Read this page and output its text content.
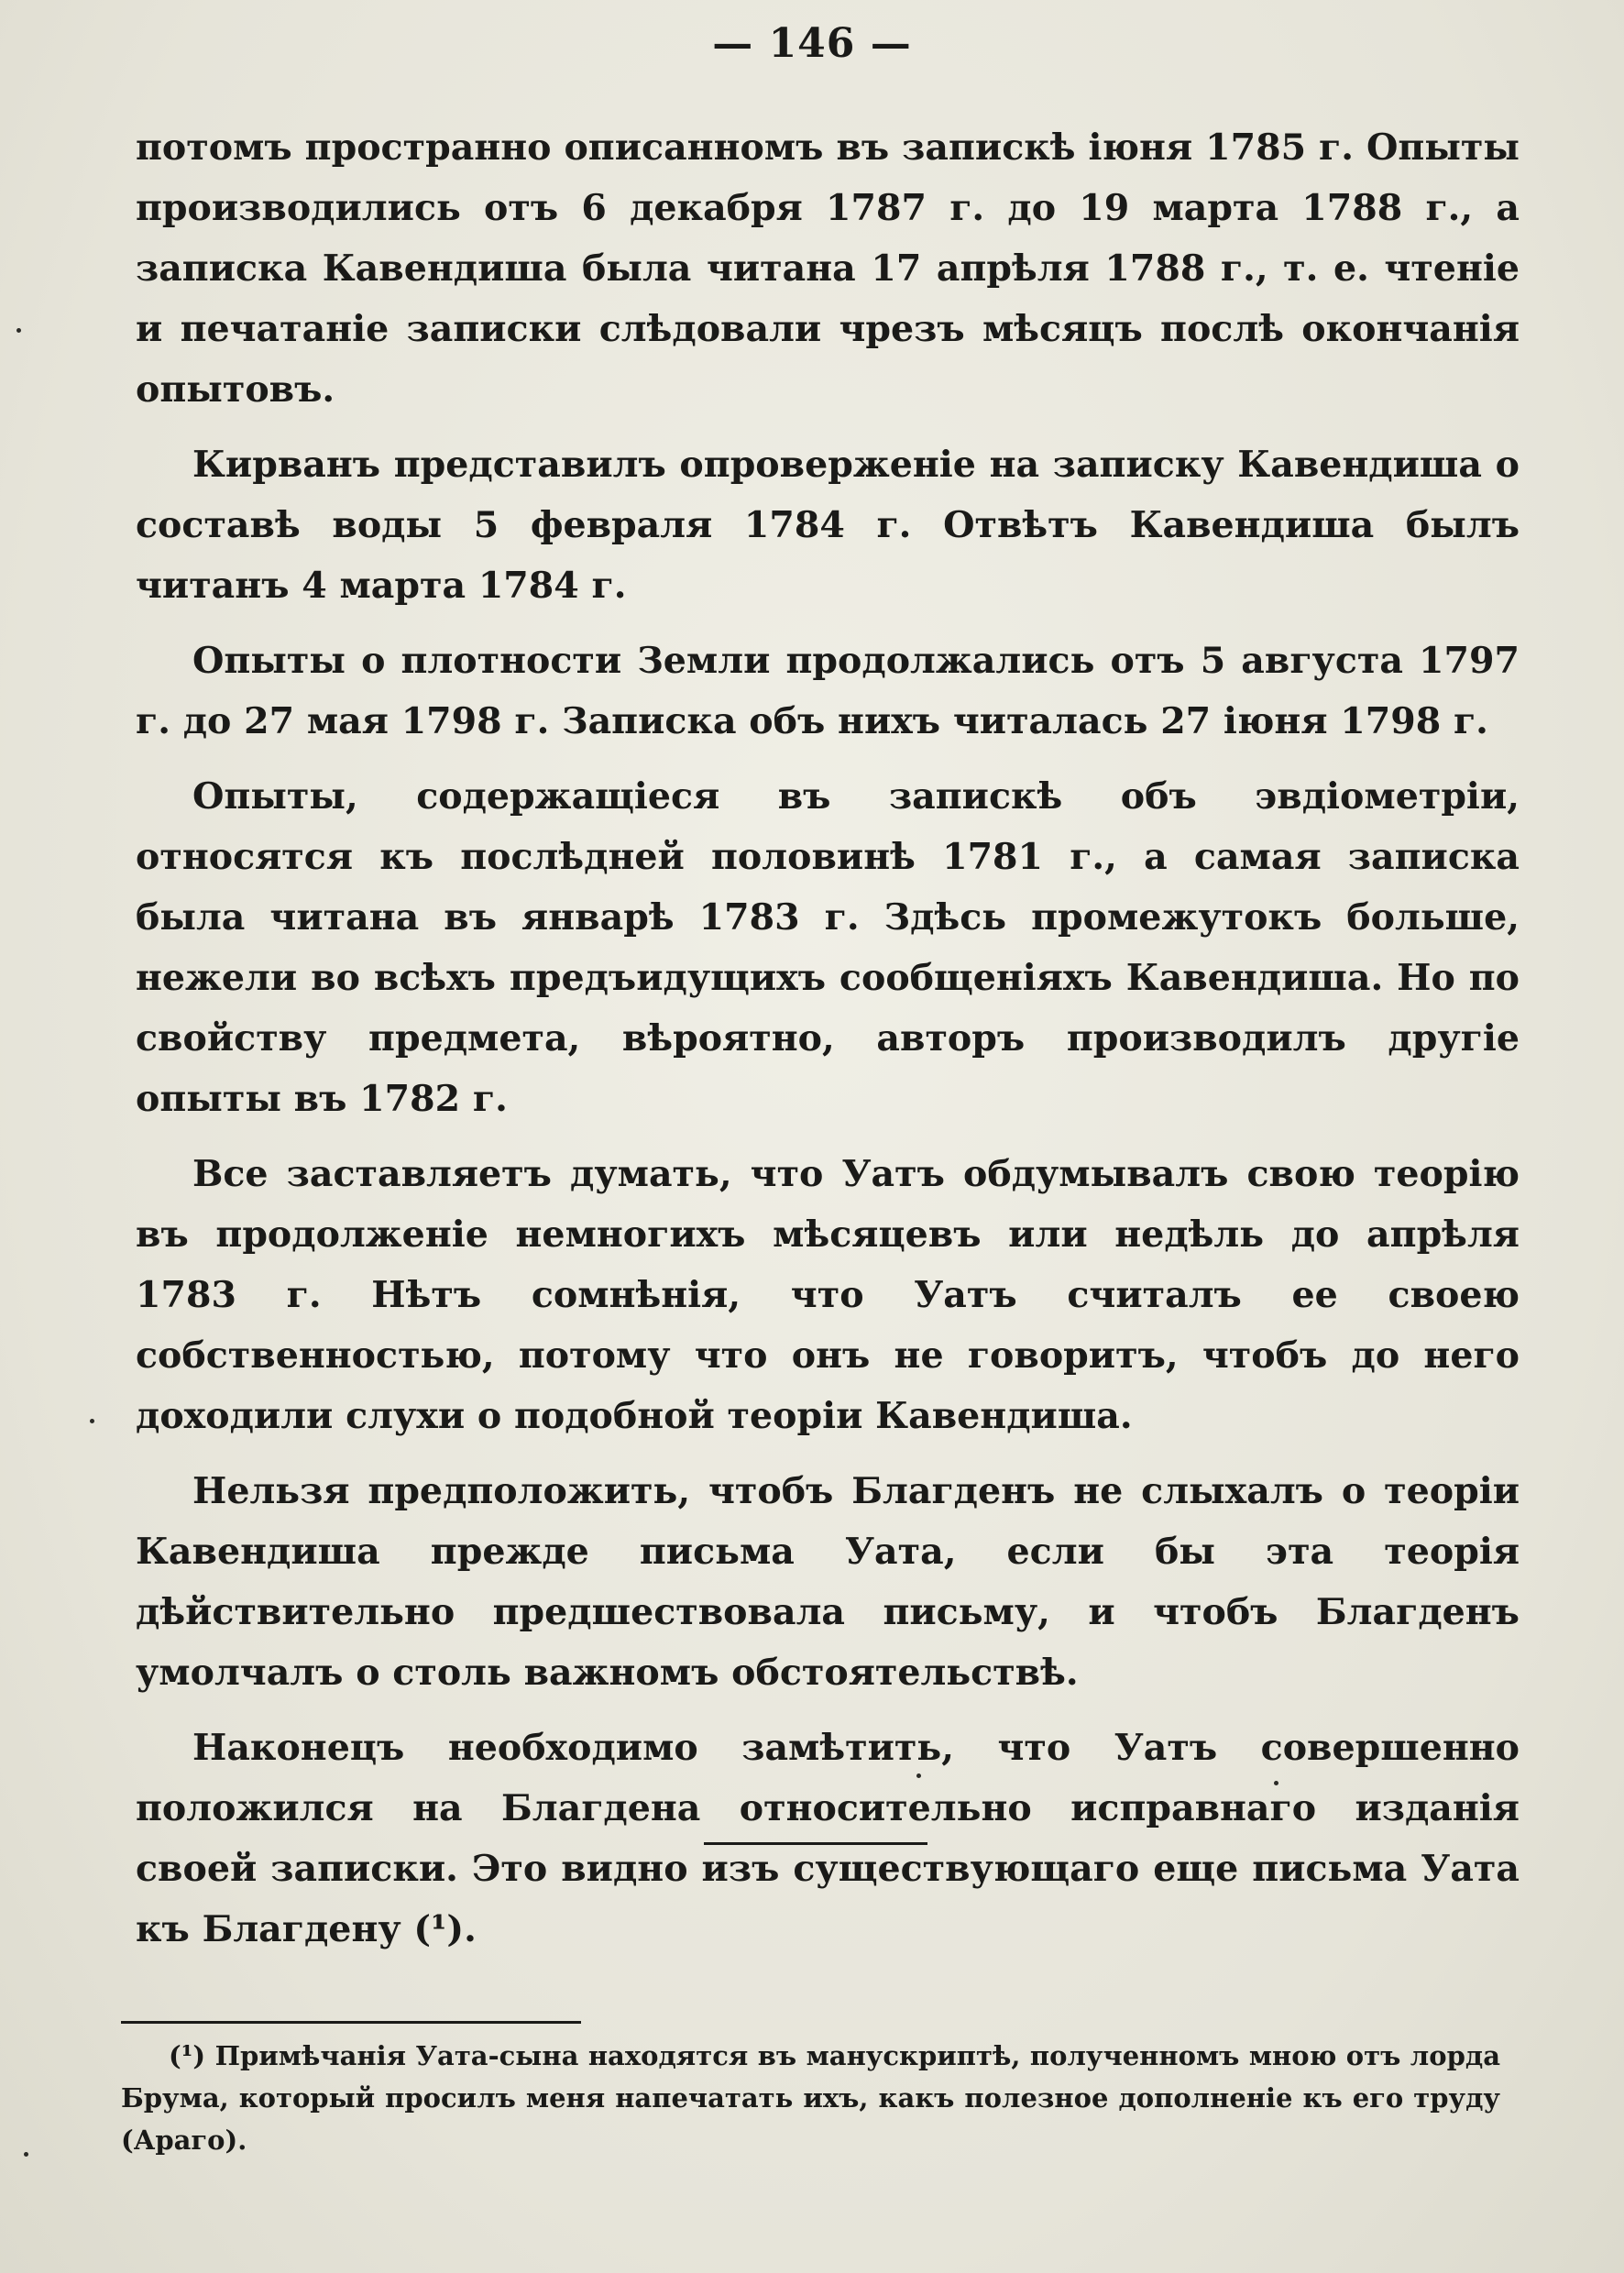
— 146 —

потомъ пространно описанномъ въ запискѣ іюня 1785 г. Опыты производились отъ 6 декабря 1787 г. до 19 марта 1788 г., а записка Кавендиша была читана 17 апрѣля 1788 г., т. е. чтеніе и печатаніе записки слѣдовали чрезъ мѣсяцъ послѣ окончанія опытовъ.

Кирванъ представилъ опроверженіе на записку Кавендиша о составѣ воды 5 февраля 1784 г. Отвѣтъ Кавендиша былъ читанъ 4 марта 1784 г.

Опыты о плотности Земли продолжались отъ 5 августа 1797 г. до 27 мая 1798 г. Записка объ нихъ читалась 27 іюня 1798 г.

Опыты, содержащіеся въ запискѣ объ эвдіометріи, относятся къ послѣдней половинѣ 1781 г., а самая записка была читана въ январѣ 1783 г. Здѣсь промежутокъ больше, нежели во всѣхъ предъидущихъ сообщеніяхъ Кавендиша. Но по свойству предмета, вѣроятно, авторъ производилъ другіе опыты въ 1782 г.

Все заставляетъ думать, что Уатъ обдумывалъ свою теорію въ продолженіе немногихъ мѣсяцевъ или недѣль до апрѣля 1783 г. Нѣтъ сомнѣнія, что Уатъ считалъ ее своею собственностью, потому что онъ не говоритъ, чтобъ до него доходили слухи о подобной теоріи Кавендиша.

Нельзя предположить, чтобъ Благденъ не слыхалъ о теоріи Кавендиша прежде письма Уата, если бы эта теорія дѣйствительно предшествовала письму, и чтобъ Благденъ умолчалъ о столь важномъ обстоятельствѣ.

Наконецъ необходимо замѣтить, что Уатъ совершенно положился на Благдена относительно исправнаго изданія своей записки. Это видно изъ существующаго еще письма Уата къ Благдену (¹).

(¹) Примѣчанія Уата-сына находятся въ манускриптѣ, полученномъ мною отъ лорда Брума, который просилъ меня напечатать ихъ, какъ полезное дополненіе къ его труду (Араго).
